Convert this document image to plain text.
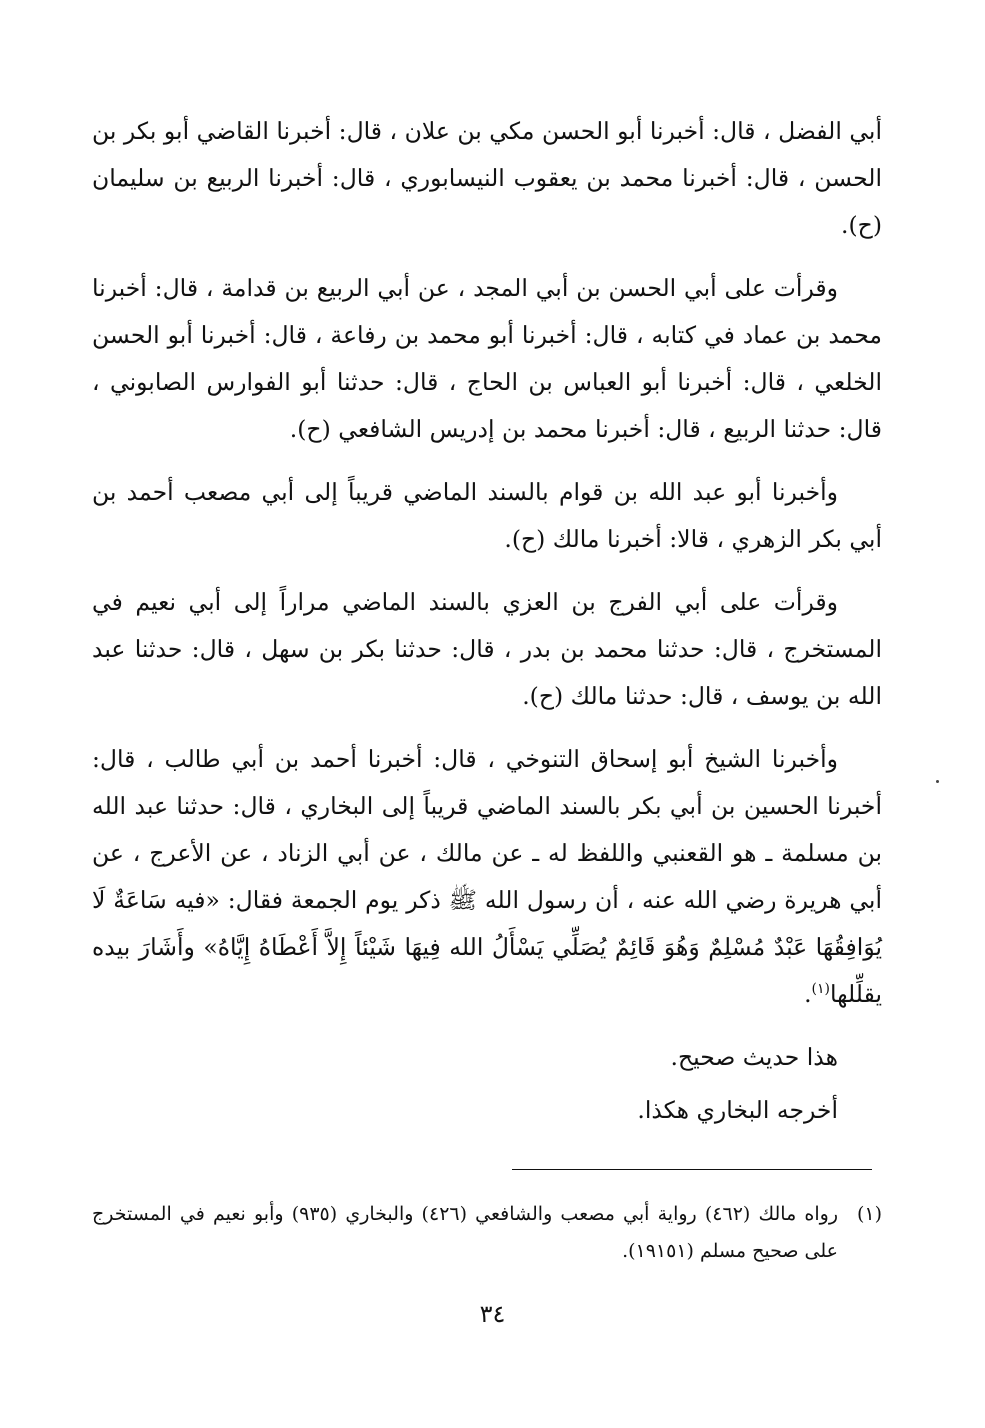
أبي الفضل ، قال: أخبرنا أبو الحسن مكي بن علان ، قال: أخبرنا القاضي أبو بكر بن الحسن ، قال: أخبرنا محمد بن يعقوب النيسابوري ، قال: أخبرنا الربيع بن سليمان (ح).

وقرأت على أبي الحسن بن أبي المجد ، عن أبي الربيع بن قدامة ، قال: أخبرنا محمد بن عماد في كتابه ، قال: أخبرنا أبو محمد بن رفاعة ، قال: أخبرنا أبو الحسن الخلعي ، قال: أخبرنا أبو العباس بن الحاج ، قال: حدثنا أبو الفوارس الصابوني ، قال: حدثنا الربيع ، قال: أخبرنا محمد بن إدريس الشافعي (ح).

وأخبرنا أبو عبد الله بن قوام بالسند الماضي قريباً إلى أبي مصعب أحمد بن أبي بكر الزهري ، قالا: أخبرنا مالك (ح).

وقرأت على أبي الفرج بن العزي بالسند الماضي مراراً إلى أبي نعيم في المستخرج ، قال: حدثنا محمد بن بدر ، قال: حدثنا بكر بن سهل ، قال: حدثنا عبد الله بن يوسف ، قال: حدثنا مالك (ح).

وأخبرنا الشيخ أبو إسحاق التنوخي ، قال: أخبرنا أحمد بن أبي طالب ، قال: أخبرنا الحسين بن أبي بكر بالسند الماضي قريباً إلى البخاري ، قال: حدثنا عبد الله بن مسلمة ـ هو القعنبي واللفظ له ـ عن مالك ، عن أبي الزناد ، عن الأعرج ، عن أبي هريرة رضي الله عنه ، أن رسول الله ﷺ ذكر يوم الجمعة فقال: «فيه سَاعَةٌ لَا يُوَافِقُهَا عَبْدٌ مُسْلِمٌ وَهُوَ قَائِمٌ يُصَلِّي يَسْأَلُ الله فِيهَا شَيْئاً إِلاَّ أَعْطَاهُ إِيَّاهُ» وأَشَارَ بيده يقلِّلها$^{(١)}$.

هذا حديث صحيح.

أخرجه البخاري هكذا.

(١)
رواه مالك (٤٦٢) رواية أبي مصعب والشافعي (٤٢٦) والبخاري (٩٣٥) وأبو نعيم في المستخرج على صحيح مسلم (١٩١٥١).
٣٤
